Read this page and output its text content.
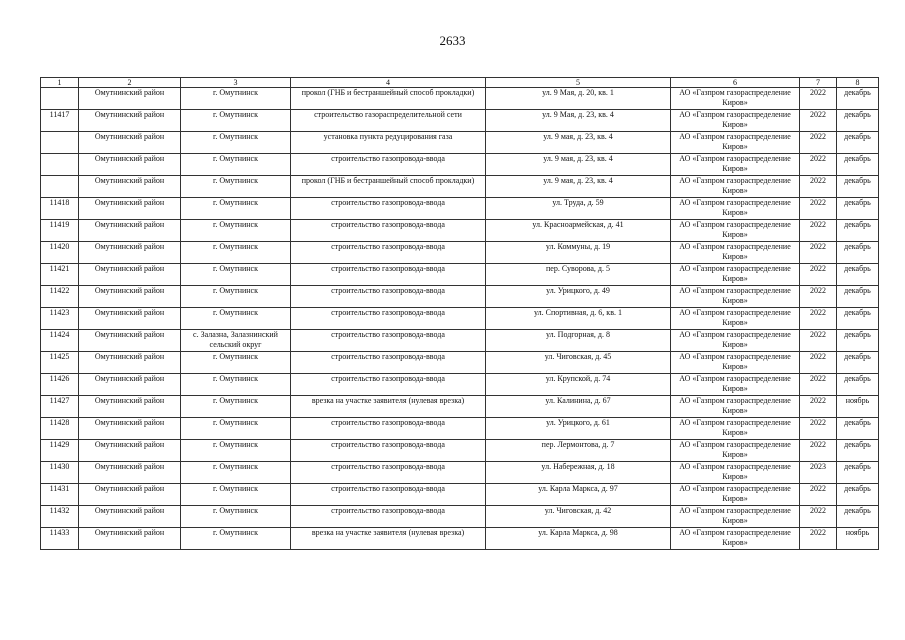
2633
1	2	3	4	5	6	7	8
	Омутнинский район	г. Омутнинск	прокол (ГНБ и бестраншейный способ прокладки)	ул. 9 Мая, д. 20, кв. 1	АО «Газпром газораспределение Киров»	2022	декабрь
11417	Омутнинский район	г. Омутнинск	строительство газораспределительной сети	ул. 9 Мая, д. 23, кв. 4	АО «Газпром газораспределение Киров»	2022	декабрь
	Омутнинский район	г. Омутнинск	установка пункта редуцирования газа	ул. 9 мая, д. 23, кв. 4	АО «Газпром газораспределение Киров»	2022	декабрь
	Омутнинский район	г. Омутнинск	строительство газопровода-ввода	ул. 9 мая, д. 23, кв. 4	АО «Газпром газораспределение Киров»	2022	декабрь
	Омутнинский район	г. Омутнинск	прокол (ГНБ и бестраншейный способ прокладки)	ул. 9 мая, д. 23, кв. 4	АО «Газпром газораспределение Киров»	2022	декабрь
11418	Омутнинский район	г. Омутнинск	строительство газопровода-ввода	ул. Труда, д. 59	АО «Газпром газораспределение Киров»	2022	декабрь
11419	Омутнинский район	г. Омутнинск	строительство газопровода-ввода	ул. Красноармейская, д. 41	АО «Газпром газораспределение Киров»	2022	декабрь
11420	Омутнинский район	г. Омутнинск	строительство газопровода-ввода	ул. Коммуны, д. 19	АО «Газпром газораспределение Киров»	2022	декабрь
11421	Омутнинский район	г. Омутнинск	строительство газопровода-ввода	пер. Суворова, д. 5	АО «Газпром газораспределение Киров»	2022	декабрь
11422	Омутнинский район	г. Омутнинск	строительство газопровода-ввода	ул. Урицкого, д. 49	АО «Газпром газораспределение Киров»	2022	декабрь
11423	Омутнинский район	г. Омутнинск	строительство газопровода-ввода	ул. Спортивная, д. 6, кв. 1	АО «Газпром газораспределение Киров»	2022	декабрь
11424	Омутнинский район	с. Залазна, Залазнинский сельский округ	строительство газопровода-ввода	ул. Подгорная, д. 8	АО «Газпром газораспределение Киров»	2022	декабрь
11425	Омутнинский район	г. Омутнинск	строительство газопровода-ввода	ул. Чиговская, д. 45	АО «Газпром газораспределение Киров»	2022	декабрь
11426	Омутнинский район	г. Омутнинск	строительство газопровода-ввода	ул. Крупской, д. 74	АО «Газпром газораспределение Киров»	2022	декабрь
11427	Омутнинский район	г. Омутнинск	врезка на участке заявителя (нулевая врезка)	ул. Калинина, д. 67	АО «Газпром газораспределение Киров»	2022	ноябрь
11428	Омутнинский район	г. Омутнинск	строительство газопровода-ввода	ул. Урицкого, д. 61	АО «Газпром газораспределение Киров»	2022	декабрь
11429	Омутнинский район	г. Омутнинск	строительство газопровода-ввода	пер. Лермонтова, д. 7	АО «Газпром газораспределение Киров»	2022	декабрь
11430	Омутнинский район	г. Омутнинск	строительство газопровода-ввода	ул. Набережная, д. 18	АО «Газпром газораспределение Киров»	2023	декабрь
11431	Омутнинский район	г. Омутнинск	строительство газопровода-ввода	ул. Карла Маркса, д. 97	АО «Газпром газораспределение Киров»	2022	декабрь
11432	Омутнинский район	г. Омутнинск	строительство газопровода-ввода	ул. Чиговская, д. 42	АО «Газпром газораспределение Киров»	2022	декабрь
11433	Омутнинский район	г. Омутнинск	врезка на участке заявителя (нулевая врезка)	ул. Карла Маркса, д. 98	АО «Газпром газораспределение Киров»	2022	ноябрь
